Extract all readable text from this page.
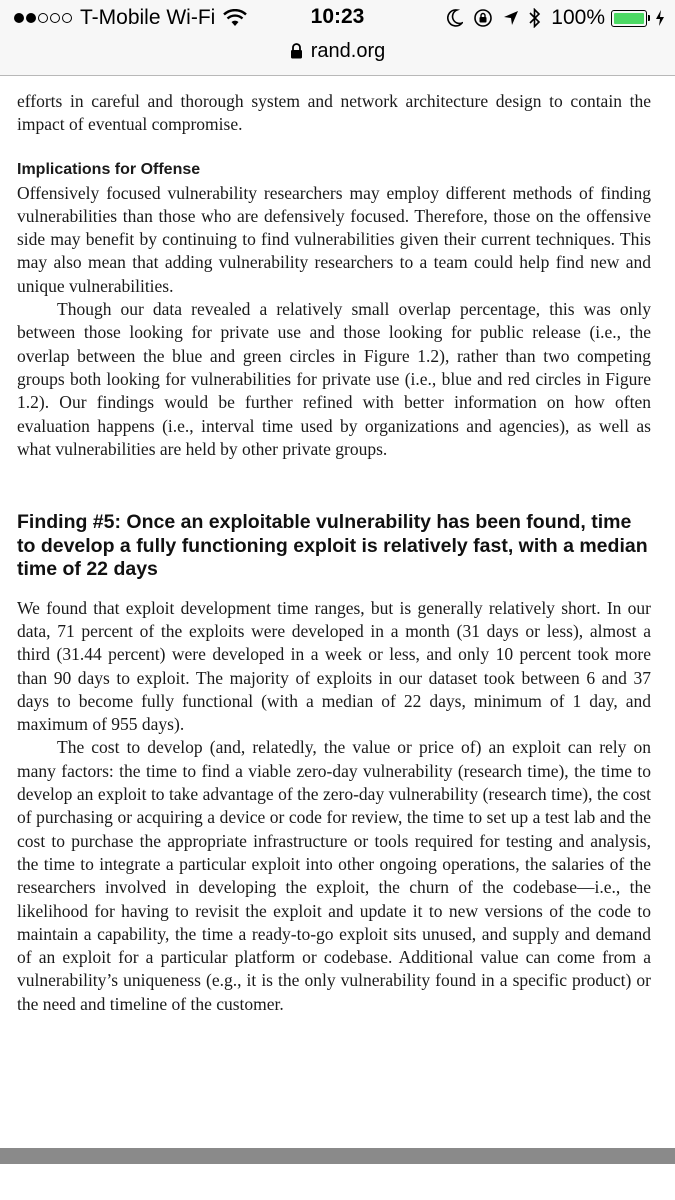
T-Mobile Wi-Fi	10:23	100%
rand.org

efforts in careful and thorough system and network architecture design to contain the impact of eventual compromise.

Implications for Offense

Offensively focused vulnerability researchers may employ different methods of finding vulnerabilities than those who are defensively focused. Therefore, those on the offensive side may benefit by continuing to find vulnerabilities given their current techniques. This may also mean that adding vulnerability researchers to a team could help find new and unique vulnerabilities.

Though our data revealed a relatively small overlap percentage, this was only between those looking for private use and those looking for public release (i.e., the overlap between the blue and green circles in Figure 1.2), rather than two competing groups both looking for vulnerabilities for private use (i.e., blue and red circles in Figure 1.2). Our findings would be further refined with better information on how often evaluation happens (i.e., interval time used by organizations and agencies), as well as what vulnerabilities are held by other private groups.

Finding #5: Once an exploitable vulnerability has been found, time to develop a fully functioning exploit is relatively fast, with a median time of 22 days

We found that exploit development time ranges, but is generally relatively short. In our data, 71 percent of the exploits were developed in a month (31 days or less), almost a third (31.44 percent) were developed in a week or less, and only 10 percent took more than 90 days to exploit. The majority of exploits in our dataset took between 6 and 37 days to become fully functional (with a median of 22 days, minimum of 1 day, and maximum of 955 days).

The cost to develop (and, relatedly, the value or price of) an exploit can rely on many factors: the time to find a viable zero-day vulnerability (research time), the time to develop an exploit to take advantage of the zero-day vulnerability (research time), the cost of purchasing or acquiring a device or code for review, the time to set up a test lab and the cost to purchase the appropriate infrastructure or tools required for testing and analysis, the time to integrate a particular exploit into other ongoing operations, the salaries of the researchers involved in developing the exploit, the churn of the codebase—i.e., the likelihood for having to revisit the exploit and update it to new versions of the code to maintain a capability, the time a ready-to-go exploit sits unused, and supply and demand of an exploit for a particular platform or codebase. Additional value can come from a vulnerability’s uniqueness (e.g., it is the only vulnerability found in a specific product) or the need and timeline of the customer.
